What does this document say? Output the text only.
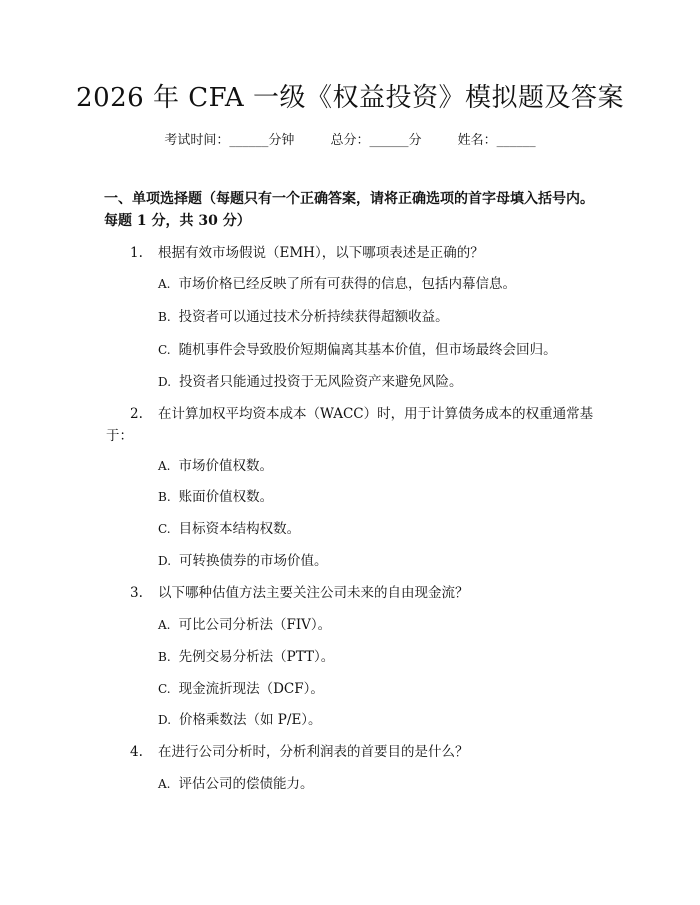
2026 年 CFA 一级《权益投资》模拟题及答案
考试时间：______分钟	总分：______分	姓名：______
一、单项选择题（每题只有一个正确答案，请将正确选项的首字母填入括号内。
每题 1 分，共 30 分）
1. 根据有效市场假说（EMH），以下哪项表述是正确的？
A. 市场价格已经反映了所有可获得的信息，包括内幕信息。
B. 投资者可以通过技术分析持续获得超额收益。
C. 随机事件会导致股价短期偏离其基本价值，但市场最终会回归。
D. 投资者只能通过投资于无风险资产来避免风险。
2. 在计算加权平均资本成本（WACC）时，用于计算债务成本的权重通常基
于：
A. 市场价值权数。
B. 账面价值权数。
C. 目标资本结构权数。
D. 可转换债券的市场价值。
3. 以下哪种估值方法主要关注公司未来的自由现金流？
A. 可比公司分析法（FIV）。
B. 先例交易分析法（PTT）。
C. 现金流折现法（DCF）。
D. 价格乘数法（如 P/E）。
4. 在进行公司分析时，分析利润表的首要目的是什么？
A. 评估公司的偿债能力。
